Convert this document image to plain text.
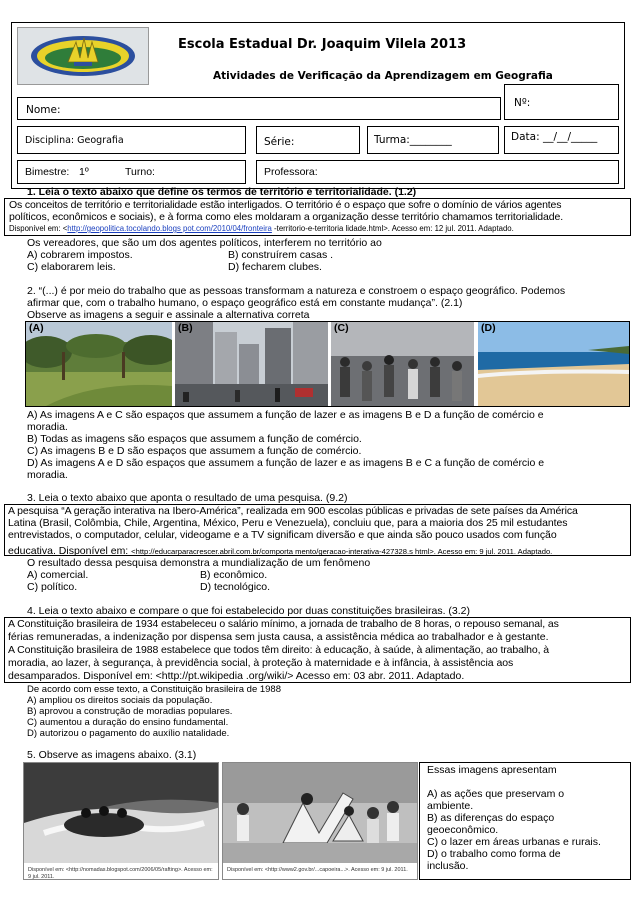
Escola Estadual Dr. Joaquim Vilela 2013
Atividades de Verificação da Aprendizagem em Geografia
Nome:
Nº:
Disciplina: Geografia	Série:	Turma:________	Data: __/__/_____
Bimestre: 1º	Turno:	Professora:
1. Leia o texto abaixo que define os termos de território e territorialidade. (1.2)
Os conceitos de território e territorialidade estão interligados. O território é o espaço que sofre o domínio de vários agentes
políticos, econômicos e sociais), e à forma como eles moldaram a organização desse território chamamos territorialidade.
Disponível em: <http://geopolitica.tocolando.blogs pot.com/2010/04/fronteira -territorio-e-territoria lidade.html>. Acesso em: 12 jul. 2011. Adaptado.
Os vereadores, que são um dos agentes políticos, interferem no território ao
A) cobrarem impostos.	B) construírem casas .
C) elaborarem leis.	D) fecharem clubes.
2. “(...) é por meio do trabalho que as pessoas transformam a natureza e constroem o espaço geográfico. Podemos
afirmar que, com o trabalho humano, o espaço geográfico está em constante mudança”. (2.1)
Observe as imagens a seguir e assinale a alternativa correta
(A)	(B)	(C)	(D)
A) As imagens A e C são espaços que assumem a função de lazer e as imagens B e D a função de comércio e
moradia.
B) Todas as imagens são espaços que assumem a função de comércio.
C) As imagens B e D são espaços que assumem a função de comércio.
D) As imagens A e D são espaços que assumem a função de lazer e as imagens B e C a função de comércio e
moradia.
3. Leia o texto abaixo que aponta o resultado de uma pesquisa. (9.2)
A pesquisa “A geração interativa na Ibero-América”, realizada em 900 escolas públicas e privadas de sete países da América
Latina (Brasil, Colômbia, Chile, Argentina, México, Peru e Venezuela), concluiu que, para a maioria dos 25 mil estudantes
entrevistados, o computador, celular, videogame e a TV significam diversão e que ainda são pouco usados com função
educativa. Disponível em: <http://educarparacrescer.abril.com.br/comporta mento/geracao-interativa-427328.s html>. Acesso em: 9 jul. 2011. Adaptado.
O resultado dessa pesquisa demonstra a mundialização de um fenômeno
A) comercial.	B) econômico.
C) político.	D) tecnológico.
4. Leia o texto abaixo e compare o que foi estabelecido por duas constituições brasileiras. (3.2)
A Constituição brasileira de 1934 estabeleceu o salário mínimo, a jornada de trabalho de 8 horas, o repouso semanal, as
férias remuneradas, a indenização por dispensa sem justa causa, a assistência médica ao trabalhador e à gestante.
A Constituição brasileira de 1988 estabelece que todos têm direito: à educação, à saúde, à alimentação, ao trabalho, à
moradia, ao lazer, à segurança, à previdência social, à proteção à maternidade e à infância, à assistência aos
desamparados. Disponível em: <http://pt.wikipedia .org/wiki/> Acesso em: 03 abr. 2011. Adaptado.
De acordo com esse texto, a Constituição brasileira de 1988
A) ampliou os direitos sociais da população.
B) aprovou a construção de moradias populares.
C) aumentou a duração do ensino fundamental.
D) autorizou o pagamento do auxílio natalidade.
5. Observe as imagens abaixo. (3.1)
Disponível em: <http://nomadas.blogspot.com/2006/05/rafting>. Acesso em: 9 jul. 2011.
Disponível em: <http://www2.gov.br/...capoeira...>. Acesso em: 9 jul. 2011.
Essas imagens apresentam
A) as ações que preservam o
ambiente.
B) as diferenças do espaço
geoeconômico.
C) o lazer em áreas urbanas e rurais.
D) o trabalho como forma de
inclusão.
